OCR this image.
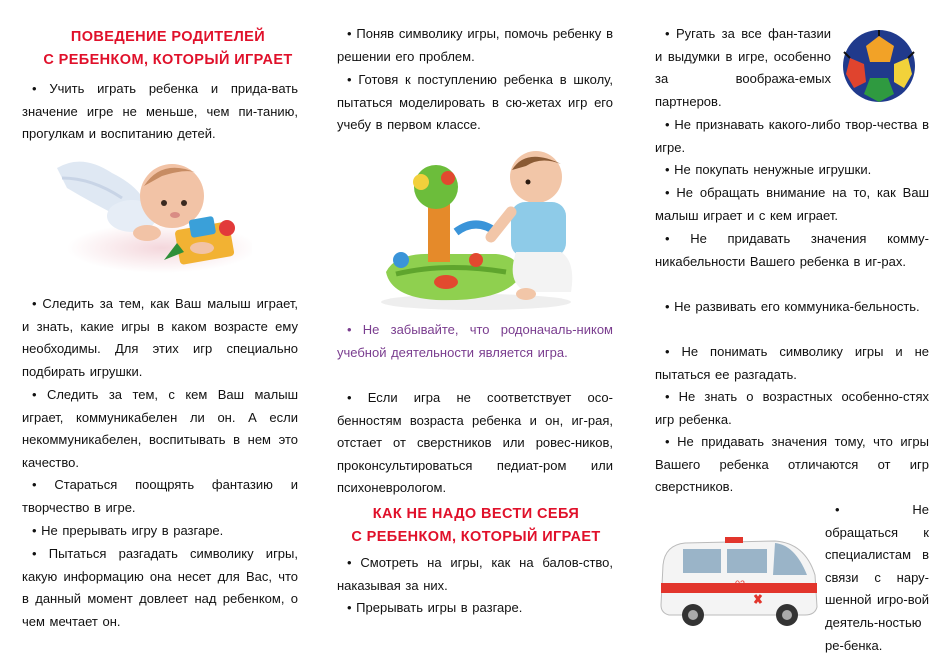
ПОВЕДЕНИЕ РОДИТЕЛЕЙ
С РЕБЕНКОМ, КОТОРЫЙ ИГРАЕТ
• Учить играть ребенка и прида-вать значение игре не меньше, чем пи-танию, прогулкам и воспитанию детей.
• Следить за тем, как Ваш малыш играет, и знать, какие игры в каком возрасте ему необходимы. Для этих игр специально подбирать игрушки.
• Следить за тем, с кем Ваш малыш играет, коммуникабелен ли он. А если некоммуникабелен, воспитывать в нем это качество.
• Стараться поощрять фантазию и творчество в игре.
• Не прерывать игру в разгаре.
• Пытаться разгадать символику игры, какую информацию она несет для Вас, что в данный момент довлеет над ребенком, о чем мечтает он.
• Поняв символику игры, помочь ребенку в решении его проблем.
• Готовя к поступлению ребенка в школу, пытаться моделировать в сю-жетах игр его учебу в первом классе.
• Не забывайте, что родоначаль-ником учебной деятельности является игра.
• Если игра не соответствует осо-бенностям возраста ребенка и он, иг-рая, отстает от сверстников или ровес-ников, проконсультироваться педиат-ром или психоневрологом.
КАК НЕ НАДО ВЕСТИ СЕБЯ
С РЕБЕНКОМ, КОТОРЫЙ ИГРАЕТ
• Смотреть на игры, как на балов-ство, наказывая за них.
• Прерывать игры в разгаре.
• Ругать за все фан-тазии и выдумки в игре, особенно за вообража-емых партнеров.
• Не признавать какого-либо твор-чества в игре.
• Не покупать ненужные игрушки.
• Не обращать внимание на то, как Ваш малыш играет и с кем играет.
• Не придавать значения комму-никабельности Вашего ребенка в иг-рах.
• Не развивать его коммуника-бельность.
• Не понимать символику игры и не пытаться ее разгадать.
• Не знать о возрастных особенно-стях игр ребенка.
• Не придавать значения тому, что игры Вашего ребенка отличаются от игр сверстников.
03
• Не обращаться к специалистам в связи с нару-шенной игро-вой деятель-ностью ре-бенка.
